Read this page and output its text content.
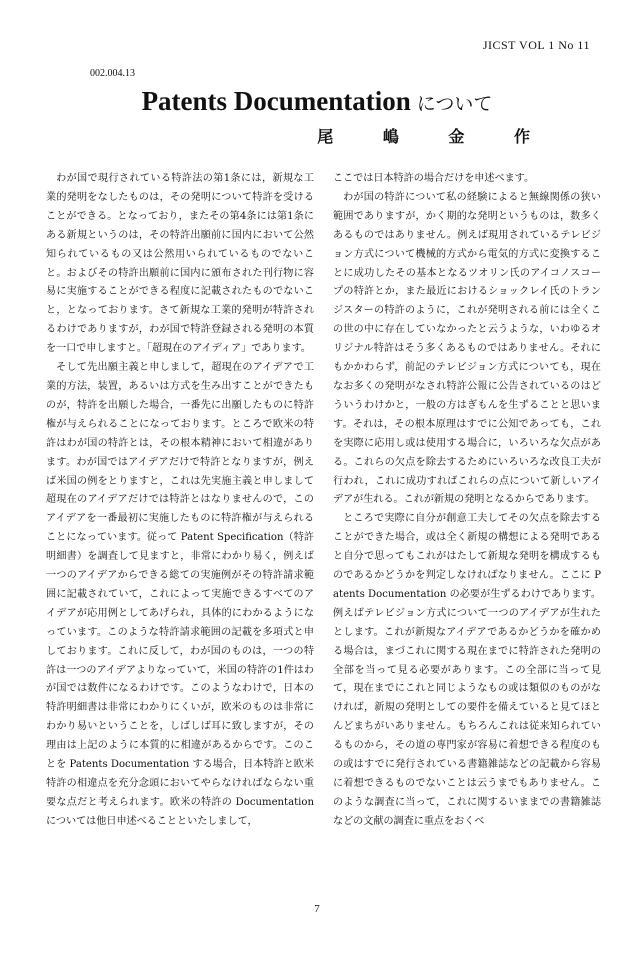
JICST VOL 1 No 11
002.004.13
Patents Documentation について
尾 嶋 金 作

わが国で現行されている特許法の第1条には，新規な工業的発明をなしたものは，その発明について特許を受けることができる。となっており，またその第4条には第1条にある新規というのは，その特許出願前に国内において公然知られているもの又は公然用いられているものでないこと。およびその特許出願前に国内に頒布された刊行物に容易に実施することができる程度に記載されたものでないこと，となっております。さて新規な工業的発明が特許されるわけでありますが，わが国で特許登録される発明の本質を一口で申しますと。「超現在のアイディア」であります。

そして先出願主義と申しまして，超現在のアイデアで工業的方法，装置，あるいは方式を生み出すことができたものが，特許を出願した場合，一番先に出願したものに特許権が与えられることになっております。ところで欧米の特許はわが国の特許とは，その根本精神において相違があります。わが国ではアイデアだけで特許となりますが，例えば米国の例をとりますと，これは先実施主義と申しまして超現在のアイデアだけでは特許とはなりませんので，このアイデアを一番最初に実施したものに特許権が与えられることになっています。従って Patent Specification（特許明細書）を調査して見ますと，非常にわかり易く，例えば一つのアイデアからできる総ての実施例がその特許請求範囲に記載されていて，これによって実施できるすべてのアイデアが応用例としてあげられ，具体的にわかるようになっています。このような特許請求範囲の記載を多項式と申しております。これに反して，わが国のものは，一つの特許は一つのアイデアよりなっていて，米国の特許の1件はわが国では数件になるわけです。このようなわけで，日本の特許明細書は非常にわかりにくいが，欧米のものは非常にわかり易いということを，しばしば耳に致しますが，その理由は上記のように本質的に相違があるからです。このことを Patents Documentation する場合，日本特許と欧米特許の相違点を充分念頭においてやらなければならない重要な点だと考えられます。欧米の特許の Documentation については他日申述べることといたしまして，

ここでは日本特許の場合だけを申述べます。

わが国の特許について私の経験によると無線関係の狭い範囲でありますが，かく期的な発明というものは，数多くあるものではありません。例えば現用されているテレビジョン方式について機械的方式から電気的方式に変換することに成功したその基本となるツオリン氏のアイコノスコープの特許とか，また最近におけるショックレイ氏のトランジスターの特許のように，これが発明される前には全くこの世の中に存在していなかったと云うような，いわゆるオリジナル特許はそう多くあるものではありません。それにもかかわらず，前記のテレビジョン方式についても，現在なお多くの発明がなされ特許公報に公告されているのはどういうわけかと，一般の方はぎもんを生ずることと思います。それは，その根本原理はすでに公知であっても，これを実際に応用し或は使用する場合に，いろいろな欠点がある。これらの欠点を除去するためにいろいろな改良工夫が行われ，これに成功すればこれらの点について新しいアイデアが生れる。これが新規の発明となるからであります。

ところで実際に自分が創意工夫してその欠点を除去することができた場合，或は全く新規の構想による発明であると自分で思ってもこれがはたして新規な発明を構成するものであるかどうかを判定しなければなりません。ここに Patents Documentation の必要が生ずるわけであります。例えばテレビジョン方式について一つのアイデアが生れたとします。これが新規なアイデアであるかどうかを確かめる場合は，まづこれに関する現在までに特許された発明の全部を当って見る必要があります。この全部に当って見て，現在までにこれと同じようなもの或は類似のものがなければ，新規の発明としての要件を備えていると見てほとんどまちがいありません。もちろんこれは従来知られているものから，その道の専門家が容易に着想できる程度のもの或はすでに発行されている書籍雑誌などの記載から容易に着想できるものでないことは云うまでもありません。このような調査に当って，これに関するいままでの書籍雑誌などの文献の調査に重点をおくべ

7
